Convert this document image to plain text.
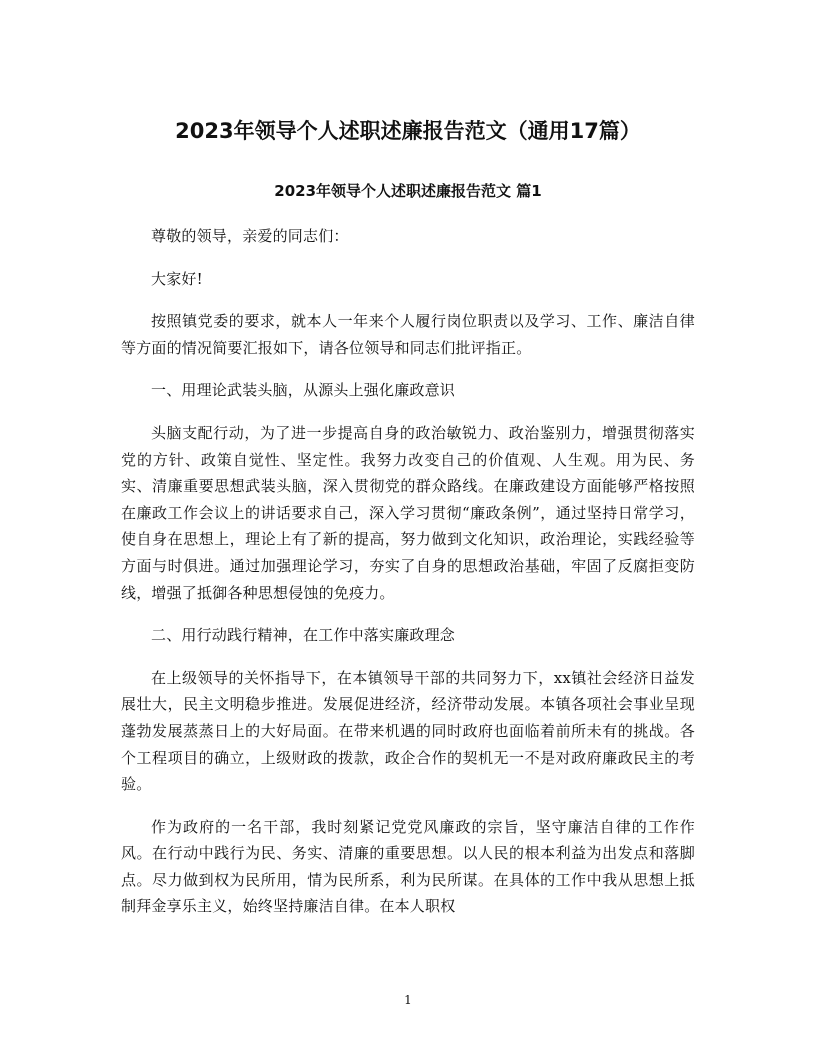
2023年领导个人述职述廉报告范文（通用17篇）
2023年领导个人述职述廉报告范文 篇1

尊敬的领导，亲爱的同志们：

大家好!

按照镇党委的要求，就本人一年来个人履行岗位职责以及学习、工作、廉洁自律等方面的情况简要汇报如下，请各位领导和同志们批评指正。

一、用理论武装头脑，从源头上强化廉政意识

头脑支配行动，为了进一步提高自身的政治敏锐力、政治鉴别力，增强贯彻落实党的方针、政策自觉性、坚定性。我努力改变自己的价值观、人生观。用为民、务实、清廉重要思想武装头脑，深入贯彻党的群众路线。在廉政建设方面能够严格按照在廉政工作会议上的讲话要求自己，深入学习贯彻“廉政条例”，通过坚持日常学习，使自身在思想上，理论上有了新的提高，努力做到文化知识，政治理论，实践经验等方面与时俱进。通过加强理论学习，夯实了自身的思想政治基础，牢固了反腐拒变防线，增强了抵御各种思想侵蚀的免疫力。

二、用行动践行精神，在工作中落实廉政理念

在上级领导的关怀指导下，在本镇领导干部的共同努力下，xx镇社会经济日益发展壮大，民主文明稳步推进。发展促进经济，经济带动发展。本镇各项社会事业呈现蓬勃发展蒸蒸日上的大好局面。在带来机遇的同时政府也面临着前所未有的挑战。各个工程项目的确立，上级财政的拨款，政企合作的契机无一不是对政府廉政民主的考验。

作为政府的一名干部，我时刻紧记党党风廉政的宗旨，坚守廉洁自律的工作作风。在行动中践行为民、务实、清廉的重要思想。以人民的根本利益为出发点和落脚点。尽力做到权为民所用，情为民所系，利为民所谋。在具体的工作中我从思想上抵制拜金享乐主义，始终坚持廉洁自律。在本人职权

1
